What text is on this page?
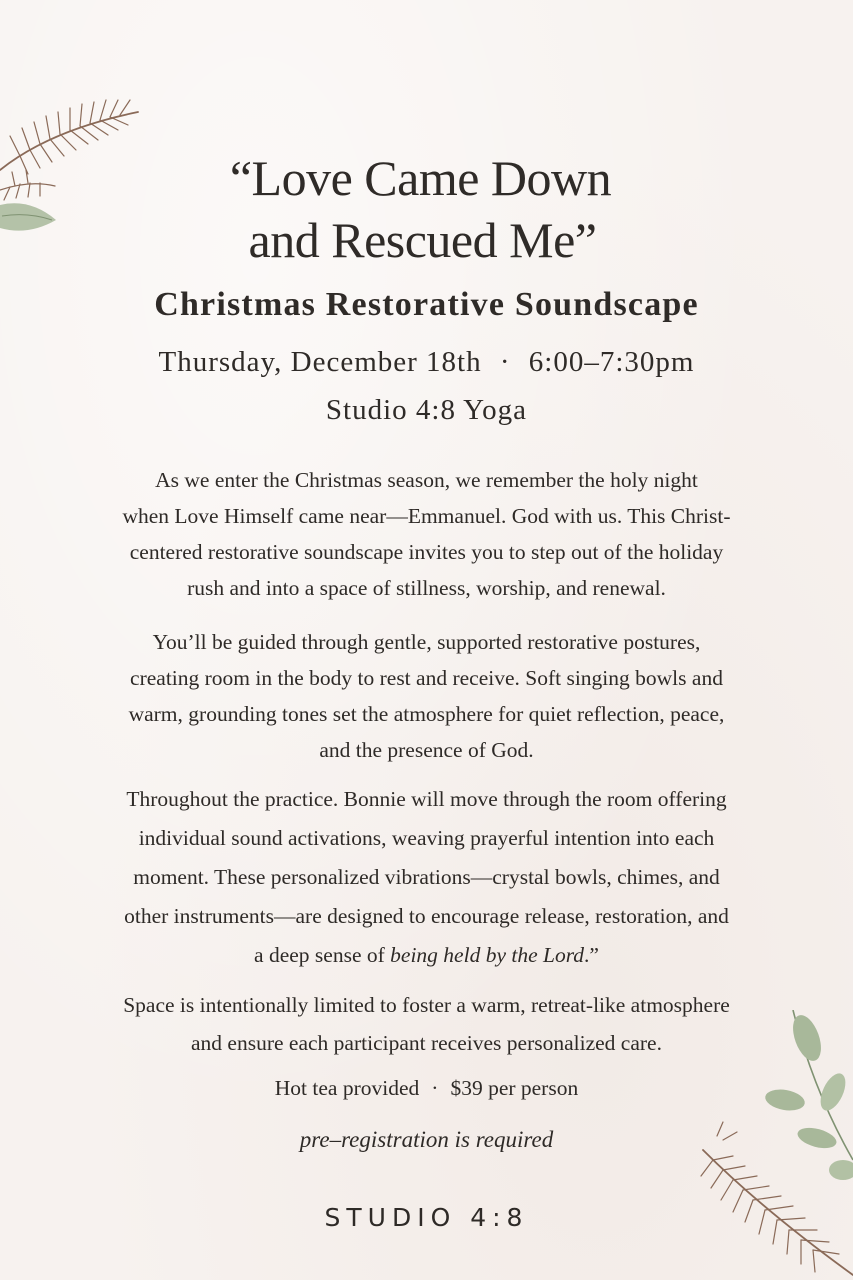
“Love Came Down
and Rescued Me”
Christmas Restorative Soundscape
Thursday, December 18th · 6:00–7:30pm
Studio 4:8 Yoga
As we enter the Christmas season, we remember the holy night
when Love Himself came near—Emmanuel. God with us. This Christ-
centered restorative soundscape invites you to step out of the holiday
rush and into a space of stillness, worship, and renewal.
You’ll be guided through gentle, supported restorative postures,
creating room in the body to rest and receive. Soft singing bowls and
warm, grounding tones set the atmosphere for quiet reflection, peace,
and the presence of God.
Throughout the practice. Bonnie will move through the room offering
individual sound activations, weaving prayerful intention into each
moment. These personalized vibrations—crystal bowls, chimes, and
other instruments—are designed to encourage release, restoration, and
a deep sense of being held by the Lord.”
Space is intentionally limited to foster a warm, retreat-like atmosphere
and ensure each participant receives personalized care.
Hot tea provided · $39 per person
pre–registration is required
STUDIO 4:8
